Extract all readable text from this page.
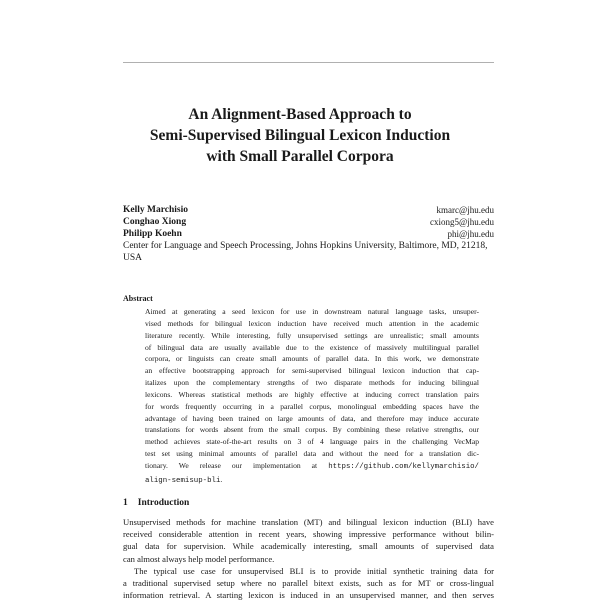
An Alignment-Based Approach to
Semi-Supervised Bilingual Lexicon Induction
with Small Parallel Corpora
Kelly Marchisio	kmarc@jhu.edu
Conghao Xiong	cxiong5@jhu.edu
Philipp Koehn	phi@jhu.edu
Center for Language and Speech Processing, Johns Hopkins University, Baltimore, MD, 21218,
USA
Abstract
Aimed at generating a seed lexicon for use in downstream natural language tasks, unsuper-
vised methods for bilingual lexicon induction have received much attention in the academic
literature recently. While interesting, fully unsupervised settings are unrealistic; small amounts
of bilingual data are usually available due to the existence of massively multilingual parallel
corpora, or linguists can create small amounts of parallel data. In this work, we demonstrate
an effective bootstrapping approach for semi-supervised bilingual lexicon induction that cap-
italizes upon the complementary strengths of two disparate methods for inducing bilingual
lexicons. Whereas statistical methods are highly effective at inducing correct translation pairs
for words frequently occurring in a parallel corpus, monolingual embedding spaces have the
advantage of having been trained on large amounts of data, and therefore may induce accurate
translations for words absent from the small corpus. By combining these relative strengths, our
method achieves state-of-the-art results on 3 of 4 language pairs in the challenging VecMap
test set using minimal amounts of parallel data and without the need for a translation dic-
tionary. We release our implementation at https://github.com/kellymarchisio/
align-semisup-bli.
1 Introduction
Unsupervised methods for machine translation (MT) and bilingual lexicon induction (BLI) have
received considerable attention in recent years, showing impressive performance without bilin-
gual data for supervision. While academically interesting, small amounts of supervised data
can almost always help model performance.
The typical use case for unsupervised BLI is to provide initial synthetic training data for
a traditional supervised setup where no parallel bitext exists, such as for MT or cross-lingual
information retrieval. A starting lexicon is induced in an unsupervised manner, and then serves
